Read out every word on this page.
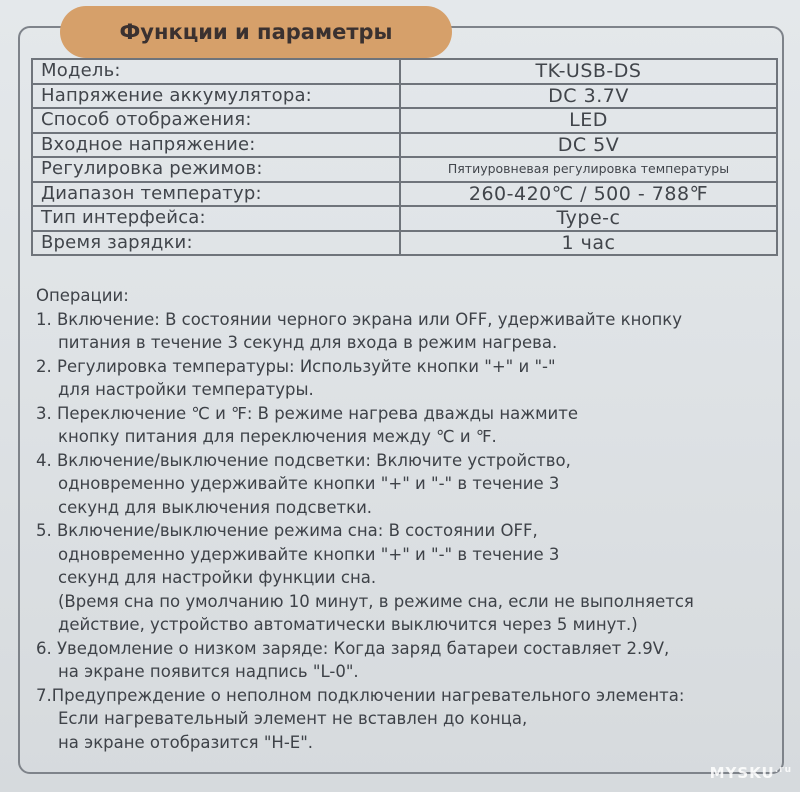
Функции и параметры
Модель:	TK-USB-DS
Напряжение аккумулятора:	DC 3.7V
Способ отображения:	LED
Входное напряжение:	DC 5V
Регулировка режимов:	Пятиуровневая регулировка температуры
Диапазон температур:	260-420℃ / 500 - 788℉
Тип интерфейса:	Type-c
Время зарядки:	1 час
Операции:
1. Включение: В состоянии черного экрана или OFF, удерживайте кнопку
питания в течение 3 секунд для входа в режим нагрева.
2. Регулировка температуры: Используйте кнопки "+" и "-"
для настройки температуры.
3. Переключение ℃ и ℉: В режиме нагрева дважды нажмите
кнопку питания для переключения между ℃ и ℉.
4. Включение/выключение подсветки: Включите устройство,
одновременно удерживайте кнопки "+" и "-" в течение 3
секунд для выключения подсветки.
5. Включение/выключение режима сна: В состоянии OFF,
одновременно удерживайте кнопки "+" и "-" в течение 3
секунд для настройки функции сна.
(Время сна по умолчанию 10 минут, в режиме сна, если не выполняется
действие, устройство автоматически выключится через 5 минут.)
6. Уведомление о низком заряде: Когда заряд батареи составляет 2.9V,
на экране появится надпись "L-0".
7.Предупреждение о неполном подключении нагревательного элемента:
Если нагревательный элемент не вставлен до конца,
на экране отобразится "H-E".
$MYSKU^{.ru}$
